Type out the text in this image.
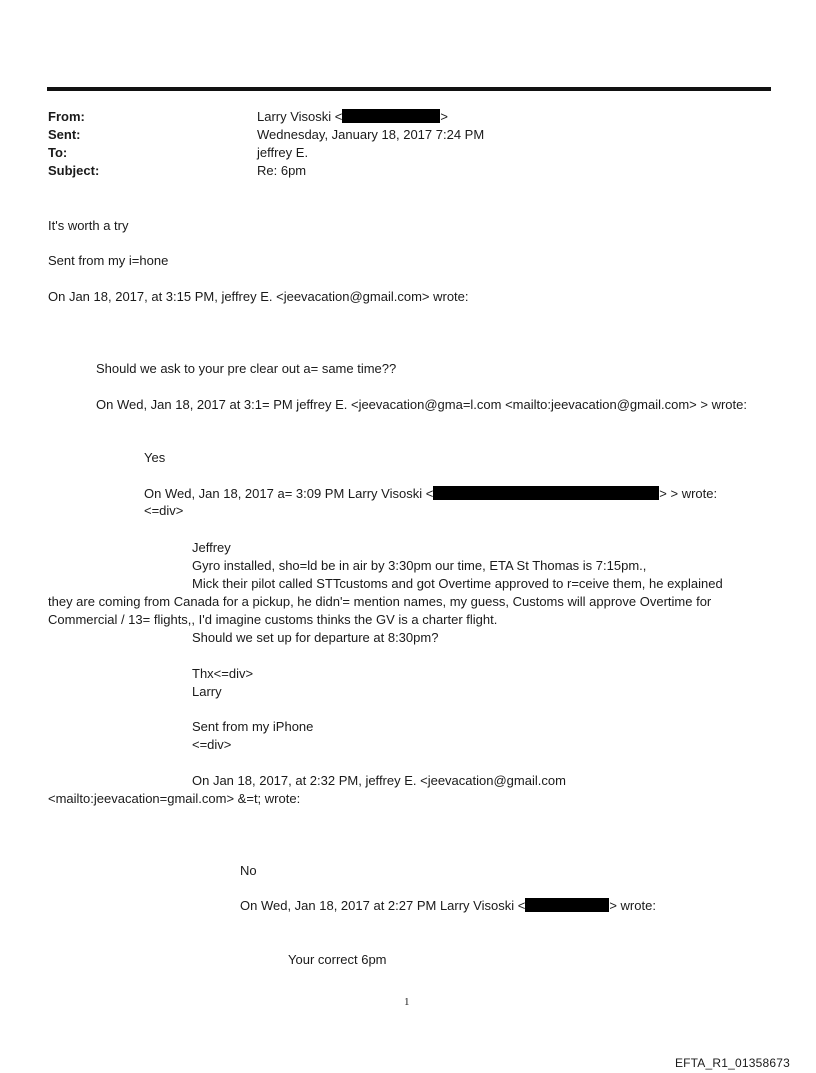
From:	Larry Visoski <	>
Sent:	Wednesday, January 18, 2017 7:24 PM
To:	jeffrey E.
Subject:	Re: 6pm
It's worth a try
Sent from my i=hone
On Jan 18, 2017, at 3:15 PM, jeffrey E. <jeevacation@gmail.com> wrote:
Should we ask to your pre clear out a= same time??
On Wed, Jan 18, 2017 at 3:1= PM jeffrey E. <jeevacation@gma=l.com <mailto:jeevacation@gmail.com> > wrote:
Yes
On Wed, Jan 18, 2017 a= 3:09 PM Larry Visoski <	> > wrote:
<=div>
Jeffrey
Gyro installed, sho=ld be in air by 3:30pm our time, ETA St Thomas is 7:15pm.,
Mick their pilot called STTcustoms and got Overtime approved to r=ceive them, he explained
they are coming from Canada for a pickup, he didn'= mention names, my guess, Customs will approve Overtime for
Commercial / 13= flights,, I'd imagine customs thinks the GV is a charter flight.
Should we set up for departure at 8:30pm?
Thx<=div>
Larry
Sent from my iPhone
<=div>
On Jan 18, 2017, at 2:32 PM, jeffrey E. <jeevacation@gmail.com
<mailto:jeevacation=gmail.com> &=t; wrote:
No
On Wed, Jan 18, 2017 at 2:27 PM Larry Visoski <	> wrote:
Your correct 6pm
1
EFTA_R1_01358673
